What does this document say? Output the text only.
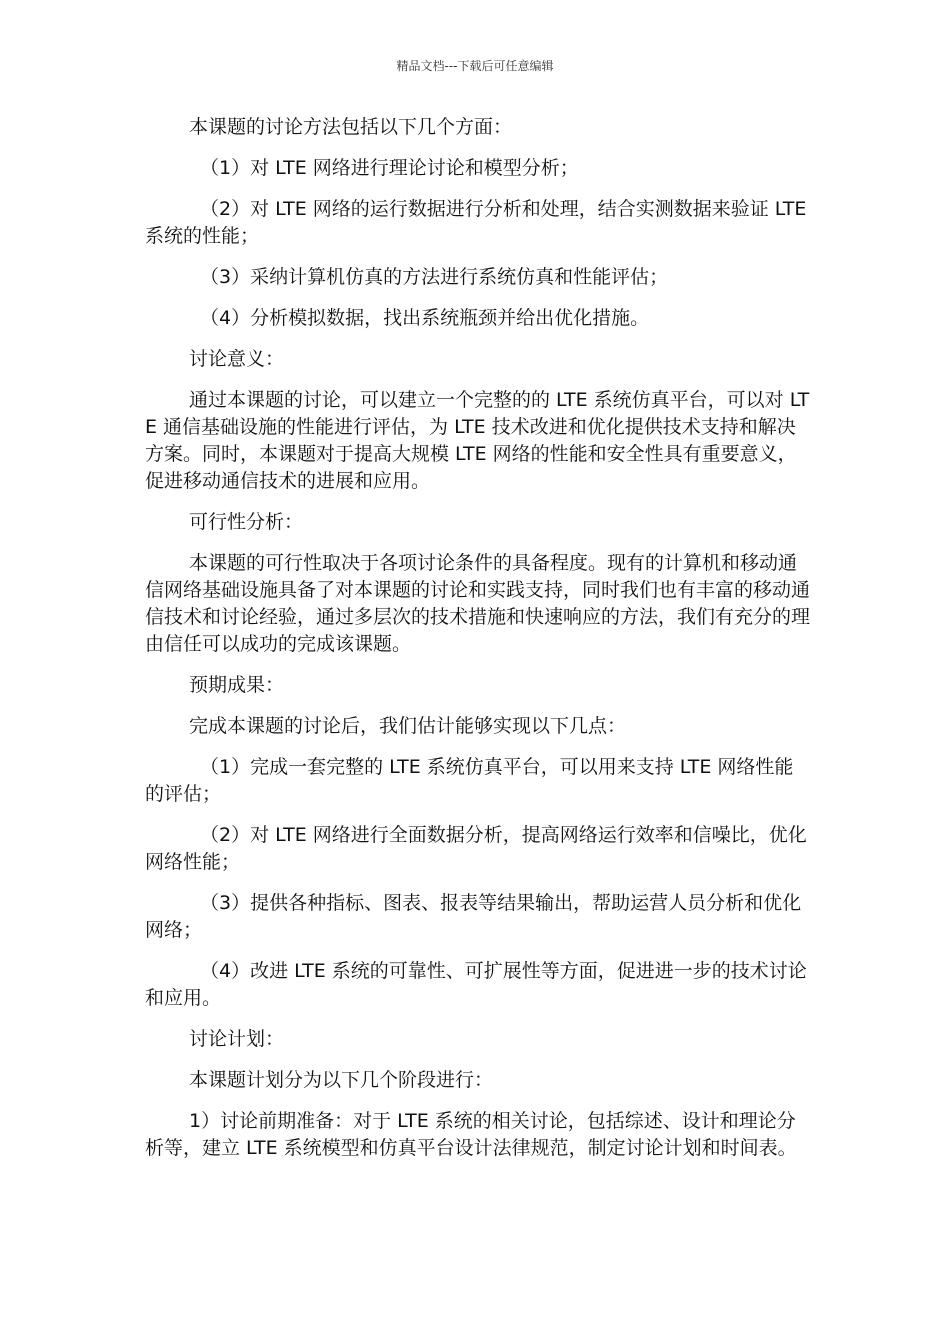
精品文档---下载后可任意编辑

本课题的讨论方法包括以下几个方面：

（1）对 LTE 网络进行理论讨论和模型分析；

（2）对 LTE 网络的运行数据进行分析和处理，结合实测数据来验证 LTE 系统的性能；

（3）采纳计算机仿真的方法进行系统仿真和性能评估；

（4）分析模拟数据，找出系统瓶颈并给出优化措施。

讨论意义：

通过本课题的讨论，可以建立一个完整的的 LTE 系统仿真平台，可以对 LTE 通信基础设施的性能进行评估，为 LTE 技术改进和优化提供技术支持和解决方案。同时，本课题对于提高大规模 LTE 网络的性能和安全性具有重要意义，促进移动通信技术的进展和应用。

可行性分析：

本课题的可行性取决于各项讨论条件的具备程度。现有的计算机和移动通信网络基础设施具备了对本课题的讨论和实践支持，同时我们也有丰富的移动通信技术和讨论经验，通过多层次的技术措施和快速响应的方法，我们有充分的理由信任可以成功的完成该课题。

预期成果：

完成本课题的讨论后，我们估计能够实现以下几点：

（1）完成一套完整的 LTE 系统仿真平台，可以用来支持 LTE 网络性能的评估；

（2）对 LTE 网络进行全面数据分析，提高网络运行效率和信噪比，优化网络性能；

（3）提供各种指标、图表、报表等结果输出，帮助运营人员分析和优化网络；

（4）改进 LTE 系统的可靠性、可扩展性等方面，促进进一步的技术讨论和应用。

讨论计划：

本课题计划分为以下几个阶段进行：

1）讨论前期准备：对于 LTE 系统的相关讨论，包括综述、设计和理论分析等，建立 LTE 系统模型和仿真平台设计法律规范，制定讨论计划和时间表。
